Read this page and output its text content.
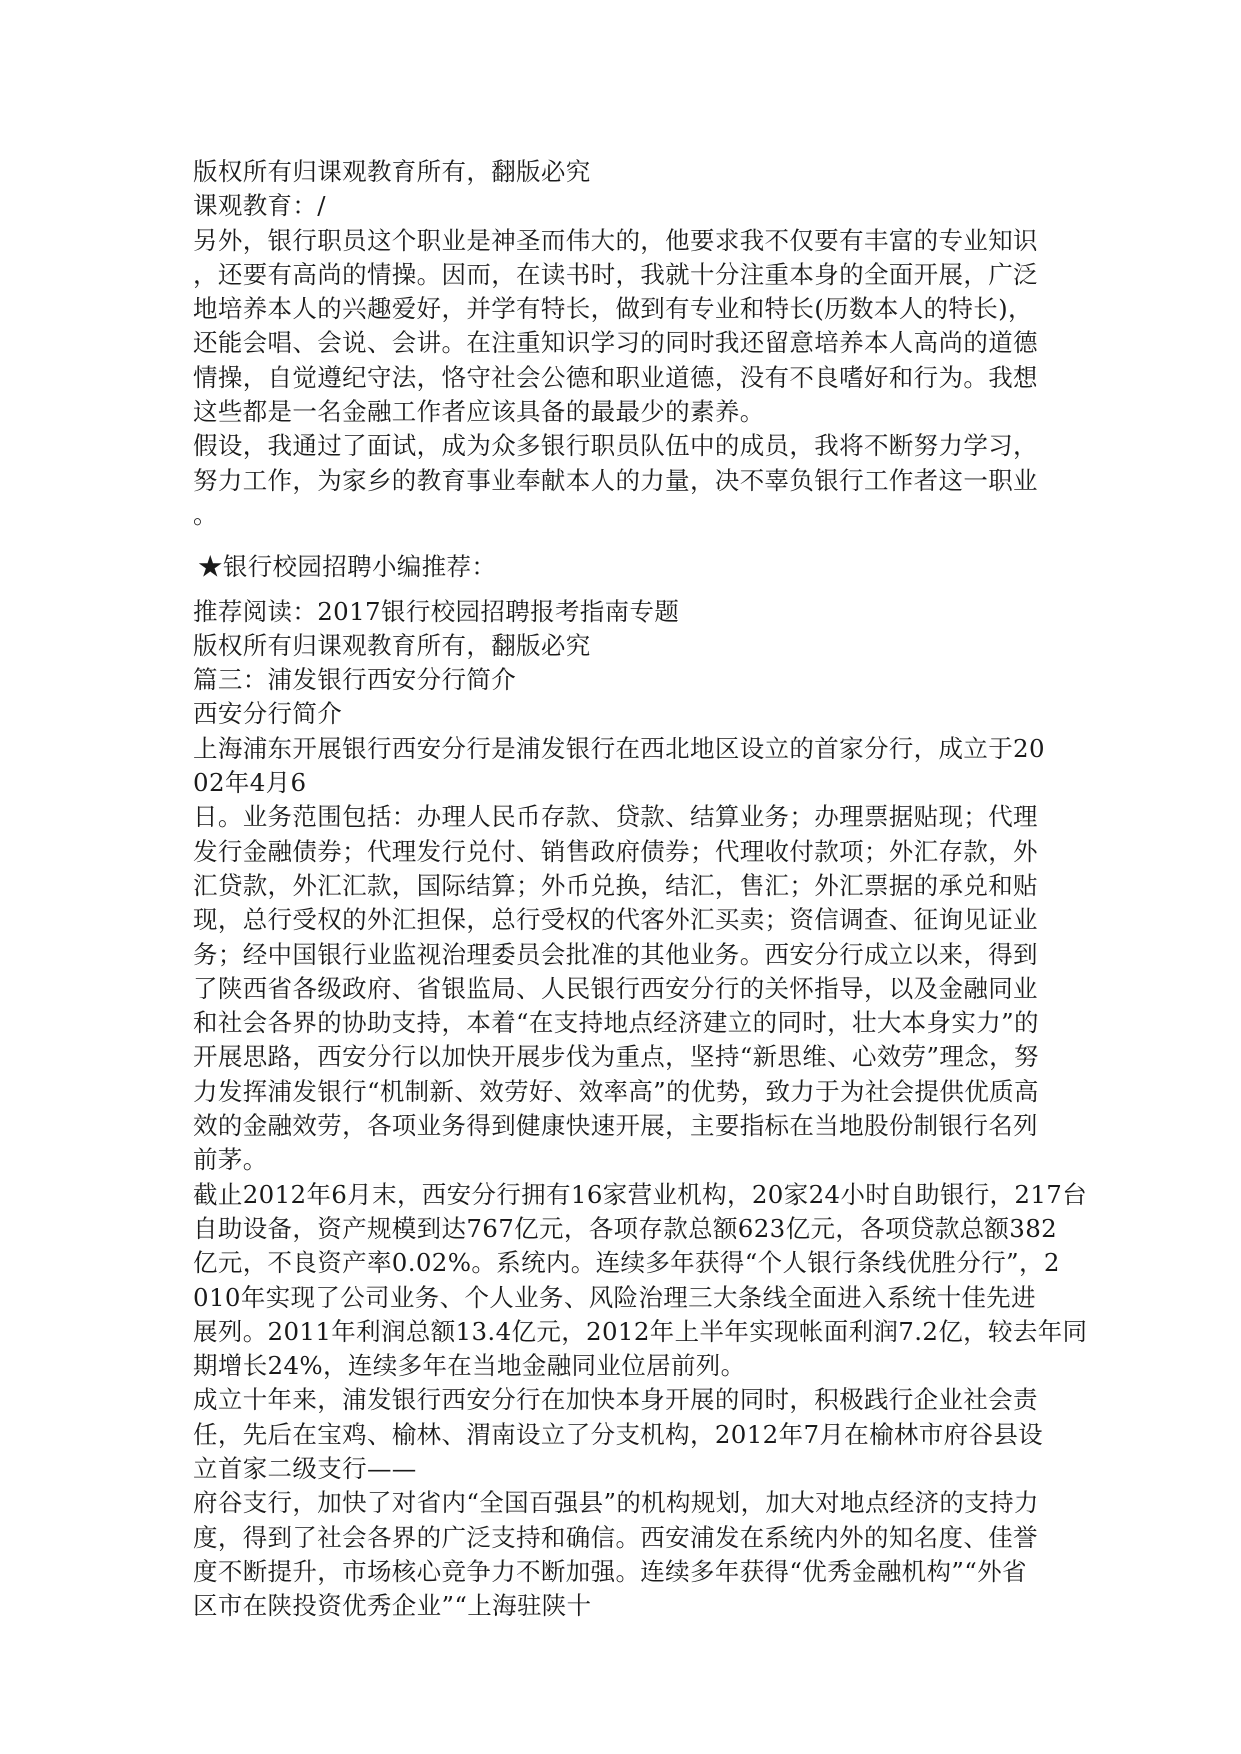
版权所有归课观教育所有，翻版必究
课观教育：/
另外，银行职员这个职业是神圣而伟大的，他要求我不仅要有丰富的专业知识
，还要有高尚的情操。因而，在读书时，我就十分注重本身的全面开展，广泛
地培养本人的兴趣爱好，并学有特长，做到有专业和特长(历数本人的特长)，
还能会唱、会说、会讲。在注重知识学习的同时我还留意培养本人高尚的道德
情操，自觉遵纪守法，恪守社会公德和职业道德，没有不良嗜好和行为。我想
这些都是一名金融工作者应该具备的最最少的素养。
假设，我通过了面试，成为众多银行职员队伍中的成员，我将不断努力学习，
努力工作，为家乡的教育事业奉献本人的力量，决不辜负银行工作者这一职业
。
★银行校园招聘小编推荐：
推荐阅读：2017银行校园招聘报考指南专题
版权所有归课观教育所有，翻版必究
篇三：浦发银行西安分行简介
西安分行简介
上海浦东开展银行西安分行是浦发银行在西北地区设立的首家分行，成立于20
02年4月6
日。业务范围包括：办理人民币存款、贷款、结算业务；办理票据贴现；代理
发行金融债券；代理发行兑付、销售政府债券；代理收付款项；外汇存款，外
汇贷款，外汇汇款，国际结算；外币兑换，结汇，售汇；外汇票据的承兑和贴
现，总行受权的外汇担保，总行受权的代客外汇买卖；资信调查、征询见证业
务；经中国银行业监视治理委员会批准的其他业务。西安分行成立以来，得到
了陕西省各级政府、省银监局、人民银行西安分行的关怀指导，以及金融同业
和社会各界的协助支持，本着“在支持地点经济建立的同时，壮大本身实力”的
开展思路，西安分行以加快开展步伐为重点，坚持“新思维、心效劳”理念，努
力发挥浦发银行“机制新、效劳好、效率高”的优势，致力于为社会提供优质高
效的金融效劳，各项业务得到健康快速开展，主要指标在当地股份制银行名列
前茅。
截止2012年6月末，西安分行拥有16家营业机构，20家24小时自助银行，217台
自助设备，资产规模到达767亿元，各项存款总额623亿元，各项贷款总额382
亿元，不良资产率0.02%。系统内。连续多年获得“个人银行条线优胜分行”，2
010年实现了公司业务、个人业务、风险治理三大条线全面进入系统十佳先进
展列。2011年利润总额13.4亿元，2012年上半年实现帐面利润7.2亿，较去年同
期增长24%，连续多年在当地金融同业位居前列。
成立十年来，浦发银行西安分行在加快本身开展的同时，积极践行企业社会责
任，先后在宝鸡、榆林、渭南设立了分支机构，2012年7月在榆林市府谷县设
立首家二级支行——
府谷支行，加快了对省内“全国百强县”的机构规划，加大对地点经济的支持力
度，得到了社会各界的广泛支持和确信。西安浦发在系统内外的知名度、佳誉
度不断提升，市场核心竞争力不断加强。连续多年获得“优秀金融机构”“外省
区市在陕投资优秀企业”“上海驻陕十
